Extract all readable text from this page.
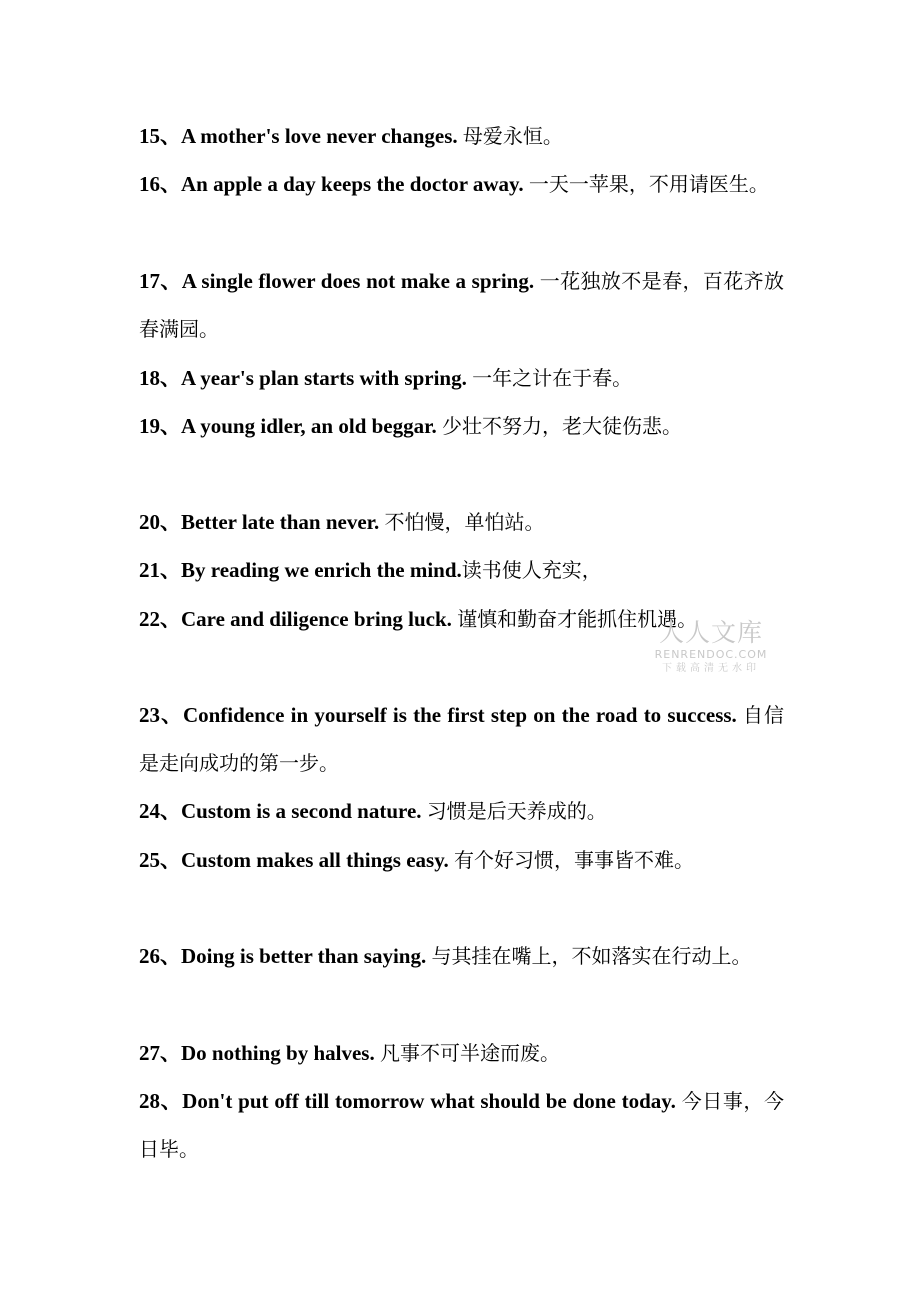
15、A mother's love never changes. 母爱永恒。
16、An apple a day keeps the doctor away. 一天一苹果，不用请医生。
17、A single flower does not make a spring. 一花独放不是春，百花齐放春满园。
18、A year's plan starts with spring. 一年之计在于春。
19、A young idler, an old beggar. 少壮不努力，老大徒伤悲。
20、Better late than never. 不怕慢，单怕站。
21、By reading we enrich the mind.读书使人充实，
22、Care and diligence bring luck. 谨慎和勤奋才能抓住机遇。
23、Confidence in yourself is the first step on the road to success. 自信是走向成功的第一步。
24、Custom is a second nature. 习惯是后天养成的。
25、Custom makes all things easy. 有个好习惯，事事皆不难。
26、Doing is better than saying. 与其挂在嘴上，不如落实在行动上。
27、Do nothing by halves. 凡事不可半途而废。
28、Don't put off till tomorrow what should be done today. 今日事，今日毕。
人人文库
RENRENDOC.COM
下载高清无水印
